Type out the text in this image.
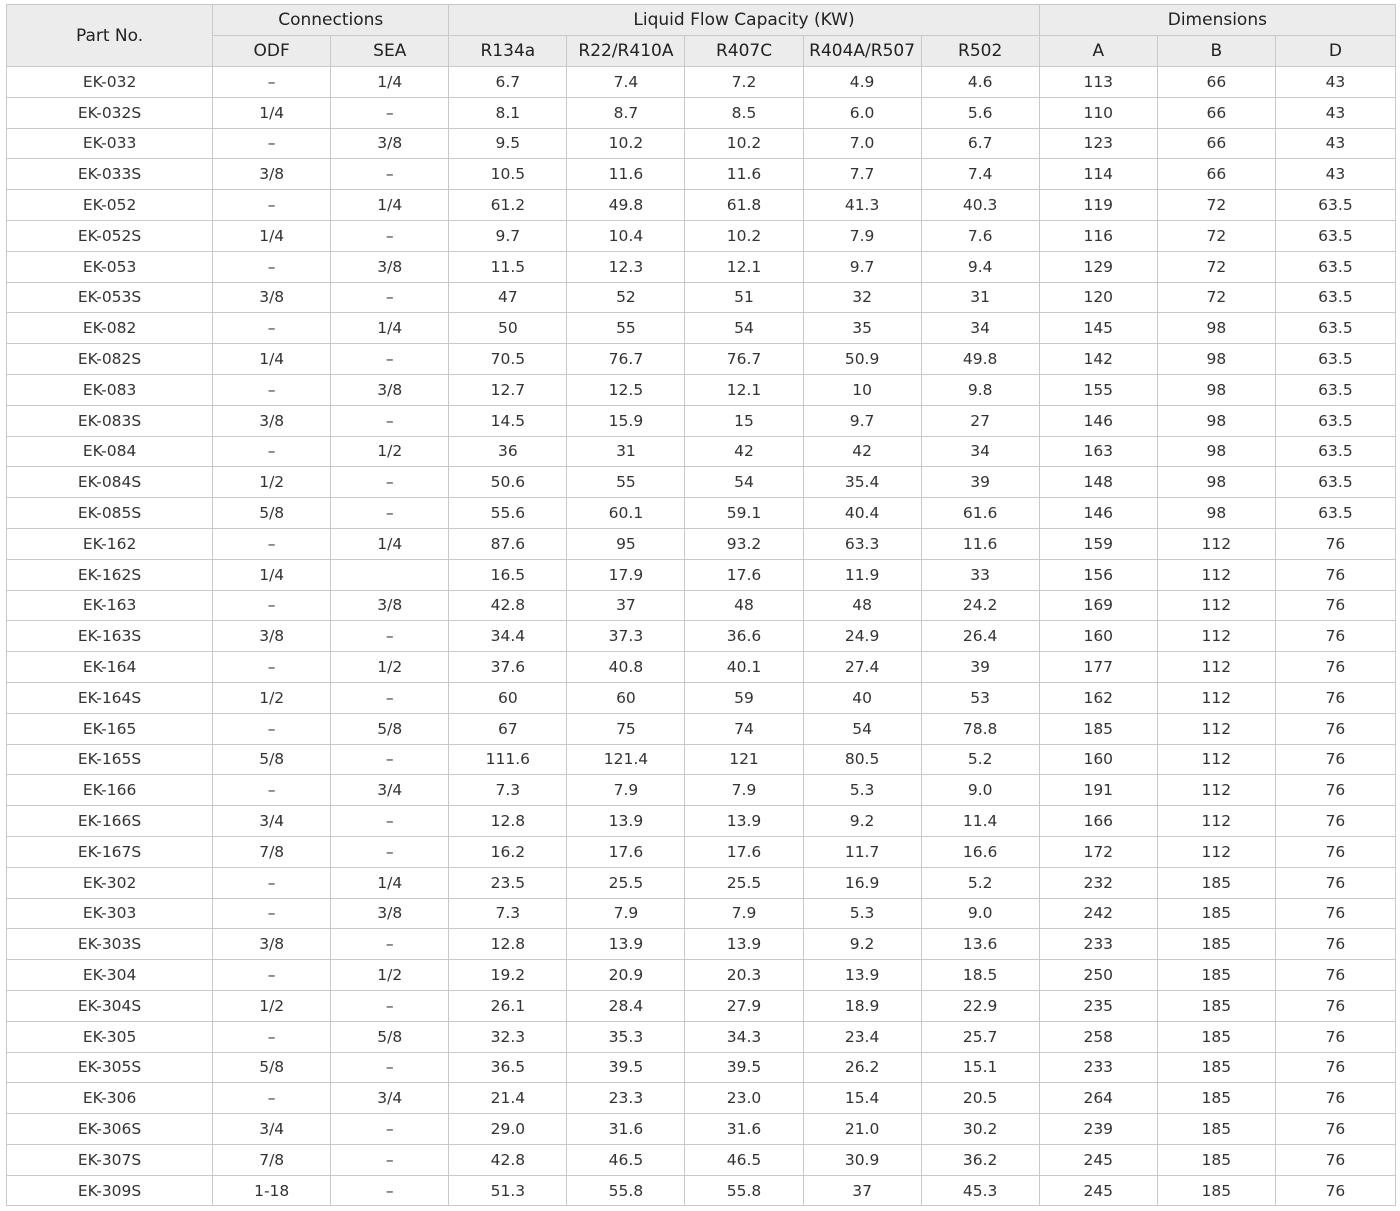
Part No.	Connections		Liquid Flow Capacity (KW)					Dimensions		
	ODF	SEA	R134a	R22/R410A	R407C	R404A/R507	R502	A	B	D
EK-032	–	1/4	6.7	7.4	7.2	4.9	4.6	113	66	43
EK-032S	1/4	–	8.1	8.7	8.5	6.0	5.6	110	66	43
EK-033	–	3/8	9.5	10.2	10.2	7.0	6.7	123	66	43
EK-033S	3/8	–	10.5	11.6	11.6	7.7	7.4	114	66	43
EK-052	–	1/4	61.2	49.8	61.8	41.3	40.3	119	72	63.5
EK-052S	1/4	–	9.7	10.4	10.2	7.9	7.6	116	72	63.5
EK-053	–	3/8	11.5	12.3	12.1	9.7	9.4	129	72	63.5
EK-053S	3/8	–	47	52	51	32	31	120	72	63.5
EK-082	–	1/4	50	55	54	35	34	145	98	63.5
EK-082S	1/4	–	70.5	76.7	76.7	50.9	49.8	142	98	63.5
EK-083	–	3/8	12.7	12.5	12.1	10	9.8	155	98	63.5
EK-083S	3/8	–	14.5	15.9	15	9.7	27	146	98	63.5
EK-084	–	1/2	36	31	42	42	34	163	98	63.5
EK-084S	1/2	–	50.6	55	54	35.4	39	148	98	63.5
EK-085S	5/8	–	55.6	60.1	59.1	40.4	61.6	146	98	63.5
EK-162	–	1/4	87.6	95	93.2	63.3	11.6	159	112	76
EK-162S	1/4		16.5	17.9	17.6	11.9	33	156	112	76
EK-163	–	3/8	42.8	37	48	48	24.2	169	112	76
EK-163S	3/8	–	34.4	37.3	36.6	24.9	26.4	160	112	76
EK-164	–	1/2	37.6	40.8	40.1	27.4	39	177	112	76
EK-164S	1/2	–	60	60	59	40	53	162	112	76
EK-165	–	5/8	67	75	74	54	78.8	185	112	76
EK-165S	5/8	–	111.6	121.4	121	80.5	5.2	160	112	76
EK-166	–	3/4	7.3	7.9	7.9	5.3	9.0	191	112	76
EK-166S	3/4	–	12.8	13.9	13.9	9.2	11.4	166	112	76
EK-167S	7/8	–	16.2	17.6	17.6	11.7	16.6	172	112	76
EK-302	–	1/4	23.5	25.5	25.5	16.9	5.2	232	185	76
EK-303	–	3/8	7.3	7.9	7.9	5.3	9.0	242	185	76
EK-303S	3/8	–	12.8	13.9	13.9	9.2	13.6	233	185	76
EK-304	–	1/2	19.2	20.9	20.3	13.9	18.5	250	185	76
EK-304S	1/2	–	26.1	28.4	27.9	18.9	22.9	235	185	76
EK-305	–	5/8	32.3	35.3	34.3	23.4	25.7	258	185	76
EK-305S	5/8	–	36.5	39.5	39.5	26.2	15.1	233	185	76
EK-306	–	3/4	21.4	23.3	23.0	15.4	20.5	264	185	76
EK-306S	3/4	–	29.0	31.6	31.6	21.0	30.2	239	185	76
EK-307S	7/8	–	42.8	46.5	46.5	30.9	36.2	245	185	76
EK-309S	1-18	–	51.3	55.8	55.8	37	45.3	245	185	76
